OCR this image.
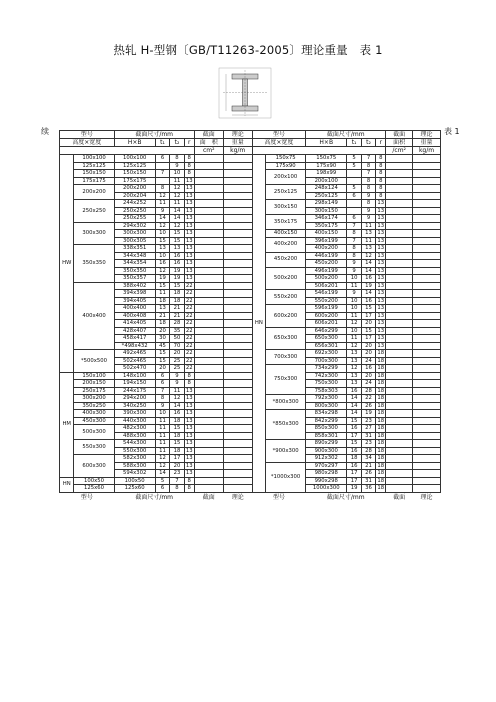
热轧 H-型钢〔GB/T11263-2005〕理论重量　表 1
续	表 1
型号		截面尺寸/mm				截面	理论	型号		截面尺寸/mm				截面	理论
高度×宽度		H×B	t₁	t₂	r	面　积	重量	高度×宽度		H×B	t₁	t₂	r	面积	重量
						cm²	kg/m							/cm²	kg/m
HW	100x100	100x100	6	8	8			HN	150x75	150x75	5	7	8		
	125x125	125x125		9	8				175x90	175x90	5	8	8		
	150x150	150x150	7	10	8				200x100	198x99		7	8		
	175x175	175x175		11	13					200x100		8	8		
	200x200	200x200	8	12	13				250x125	248x124	5	8	8		
		200x204	12	12	13					250x125	6	9	8		
	250x250	244x252	11	11	13				300x150	298x149		8	13		
		250x250	9	14	13					300x150		9	13		
		250x255	14	14	13				350x175	346x174	6	9	13		
	300x300	294x302	12	12	13					350x175	7	11	13		
		300x300	10	15	13				400x150	400x150	8	13	13		
		300x305	15	15	13				400x200	396x199	7	11	13		
	350x350	338x351	13	13	13					400x200	8	13	13		
		344x348	10	16	13				450x200	446x199	8	12	13		
		344x354	16	16	13					450x200	9	14	13		
		350x350	12	19	13				500x200	496x199	9	14	13		
		350x357	19	19	13					500x200	10	16	13		
	400x400	388x402	15	15	22					506x201	11	19	13		
		394x398	11	18	22				550x200	546x199	9	14	13		
		394x405	18	18	22					550x200	10	16	13		
		400x400	13	21	22				600x200	596x199	10	15	13		
		400x408	21	21	22					600x200	11	17	13		
		414x405	18	28	22					606x201	12	20	13		
		428x407	20	35	22				650x300	646x299	10	15	13		
		458x417	30	50	22					650x300	11	17	13		
		*498x432	45	70	22					656x301	12	20	13		
	*500x500	492x465	15	20	22				700x300	692x300	13	20	18		
		502x465	15	25	22					700x300	13	24	18		
		502x470	20	25	22				750x300	734x299	12	16	18		
HM	150x100	148x100	6	9	8					742x300	13	20	18		
	200x150	194x150	6	9	8					750x300	13	24	18		
	250x175	244x175	7	11	13					758x303	16	28	18		
	300x200	294x200	8	12	13				*800x300	792x300	14	22	18		
	350x250	340x250	9	14	13					800x300	14	26	18		
	400x300	390x300	10	16	13				*850x300	834x298	14	19	18		
	450x300	440x300	11	18	13					842x299	15	23	18		
	500x300	482x300	11	15	13					850x300	16	27	18		
		488x300	11	18	13					858x301	17	31	18		
	550x300	544x300	11	15	13				*900x300	890x299	15	23	18		
		550x300	11	18	13					900x300	16	28	18		
	600x300	582x300	12	17	13					912x302	18	34	18		
		588x300	12	20	13				*1000x300	970x297	16	21	18		
		594x302	14	23	13					980x298	17	26	18		
HN	100x50	100x50	5	7	8					990x298	17	31	18		
	125x60	125x60	6	8	8					1000x300	19	36	18		
型号		截面尺寸/mm				截面	理论	型号		截面尺寸/mm				截面	理论
